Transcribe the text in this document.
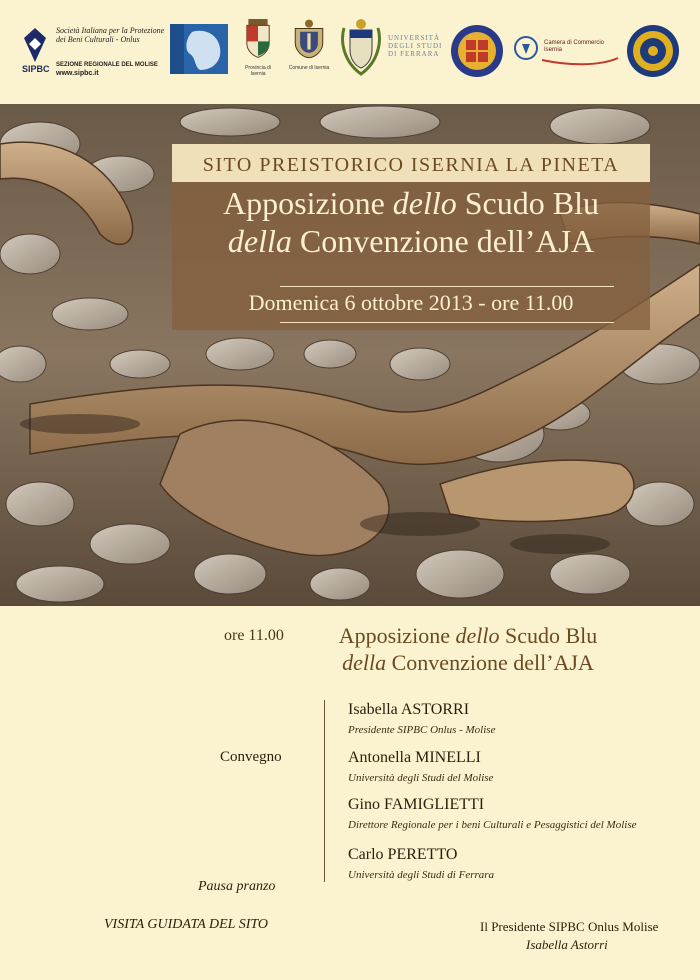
SIPBC
Società Italiana per la Protezione dei Beni Culturali - Onlus
SEZIONE REGIONALE DEL MOLISE
www.sipbc.it
Provincia di Isernia
Comune di Isernia
UNIVERSITÀ
DEGLI STUDI
DI FERRARA
Camera di Commercio
Isernia
SITO PREISTORICO ISERNIA LA PINETA
Apposizione dello Scudo Blu
della Convenzione dell’AJA
Domenica 6 ottobre 2013 - ore 11.00
ore 11.00	Apposizione dello Scudo Blu
della Convenzione dell’AJA
Convegno
Isabella ASTORRI
Presidente SIPBC Onlus - Molise
Antonella MINELLI
Università degli Studi del Molise
Gino FAMIGLIETTI
Direttore Regionale per i beni Culturali e Pesaggistici del Molise
Carlo PERETTO
Università degli Studi di Ferrara
Pausa pranzo
VISITA GUIDATA DEL SITO	Il Presidente SIPBC Onlus Molise
Isabella Astorri
